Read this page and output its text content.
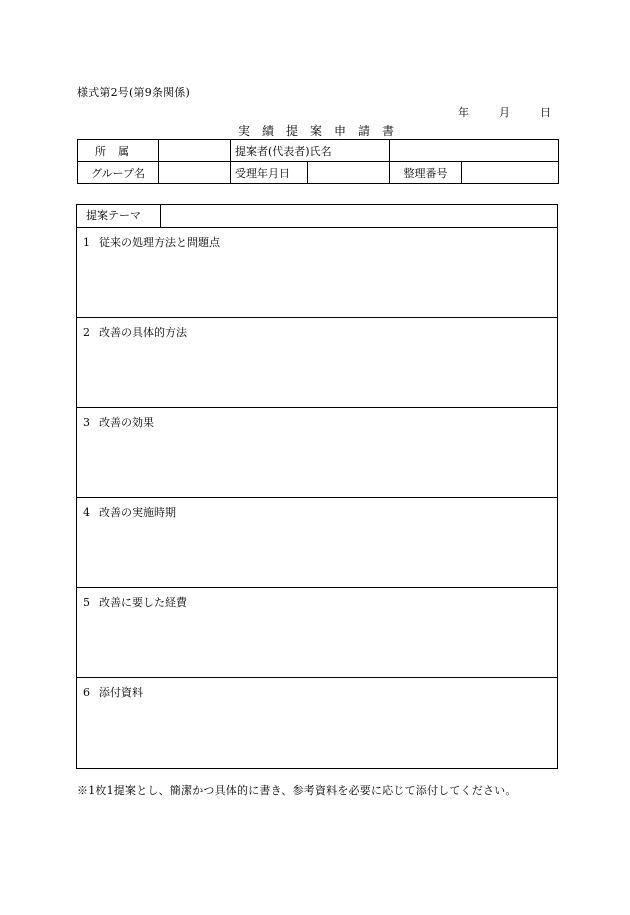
様式第2号(第9条関係)
年	月	日
実績提案申請書
所属		提案者(代表者)氏名			
グループ名		受理年月日		整理番号	
提案テーマ
1 従来の処理方法と問題点
2 改善の具体的方法
3 改善の効果
4 改善の実施時期
5 改善に要した経費
6 添付資料
※1枚1提案とし、簡潔かつ具体的に書き、参考資料を必要に応じて添付してください。
